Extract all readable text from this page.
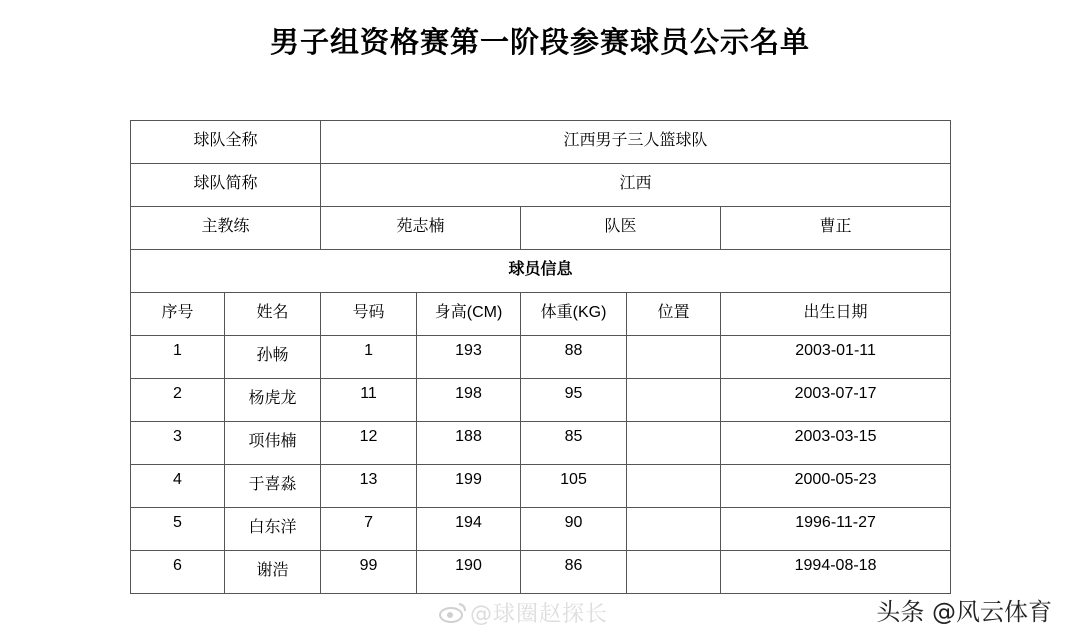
男子组资格赛第一阶段参赛球员公示名单
球队全称		江西男子三人篮球队				
球队简称		江西				
主教练		苑志楠		队医		曹正
球员信息						
序号	姓名	号码	身高(CM)	体重(KG)	位置	出生日期
1	孙畅	1	193	88		2003-01-11
2	杨虎龙	11	198	95		2003-07-17
3	项伟楠	12	188	85		2003-03-15
4	于喜淼	13	199	105		2000-05-23
5	白东洋	7	194	90		1996-11-27
6	谢浩	99	190	86		1994-08-18
@球圈赵探长	头条 @风云体育
